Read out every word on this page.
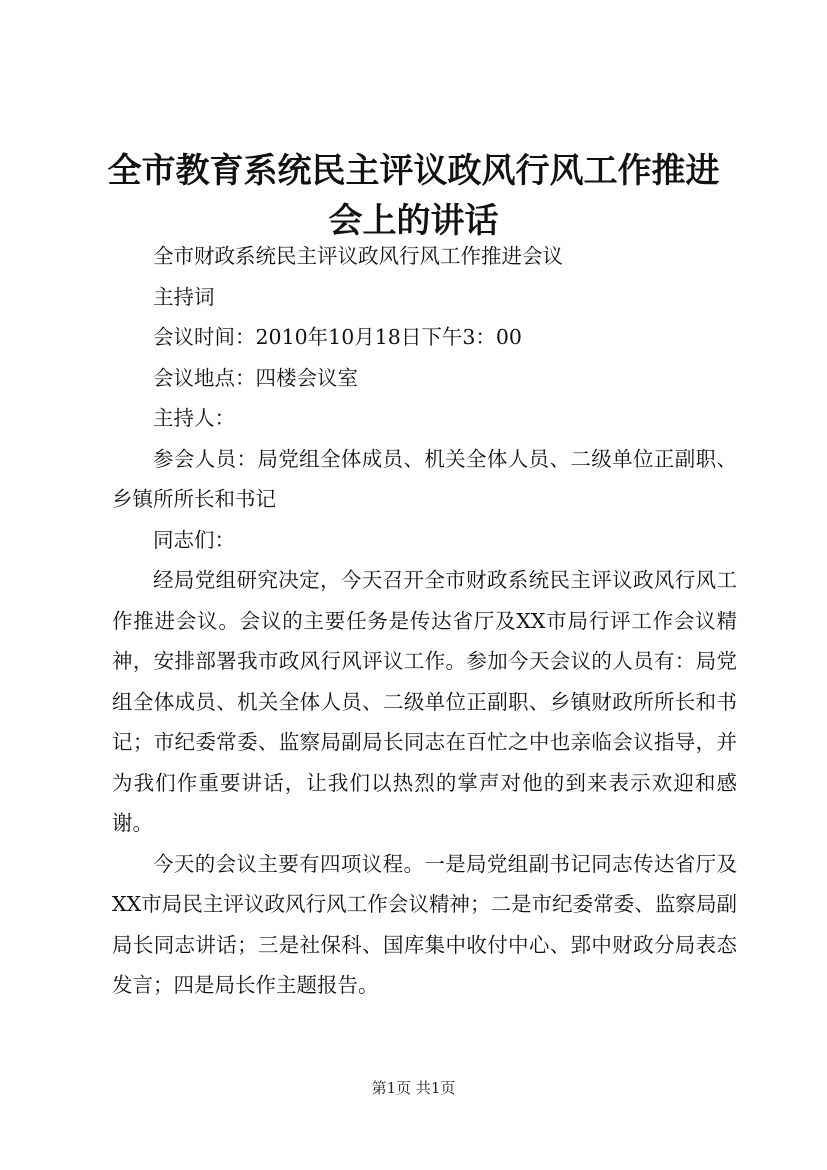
全市教育系统民主评议政风行风工作推进会上的讲话

全市财政系统民主评议政风行风工作推进会议

主持词

会议时间：2010年10月18日下午3：00

会议地点：四楼会议室

主持人：

参会人员：局党组全体成员、机关全体人员、二级单位正副职、乡镇所所长和书记

同志们：

经局党组研究决定，今天召开全市财政系统民主评议政风行风工作推进会议。会议的主要任务是传达省厅及XX市局行评工作会议精神，安排部署我市政风行风评议工作。参加今天会议的人员有：局党组全体成员、机关全体人员、二级单位正副职、乡镇财政所所长和书记；市纪委常委、监察局副局长同志在百忙之中也亲临会议指导，并为我们作重要讲话，让我们以热烈的掌声对他的到来表示欢迎和感谢。

今天的会议主要有四项议程。一是局党组副书记同志传达省厅及XX市局民主评议政风行风工作会议精神；二是市纪委常委、监察局副局长同志讲话；三是社保科、国库集中收付中心、郢中财政分局表态发言；四是局长作主题报告。

第1页 共1页
